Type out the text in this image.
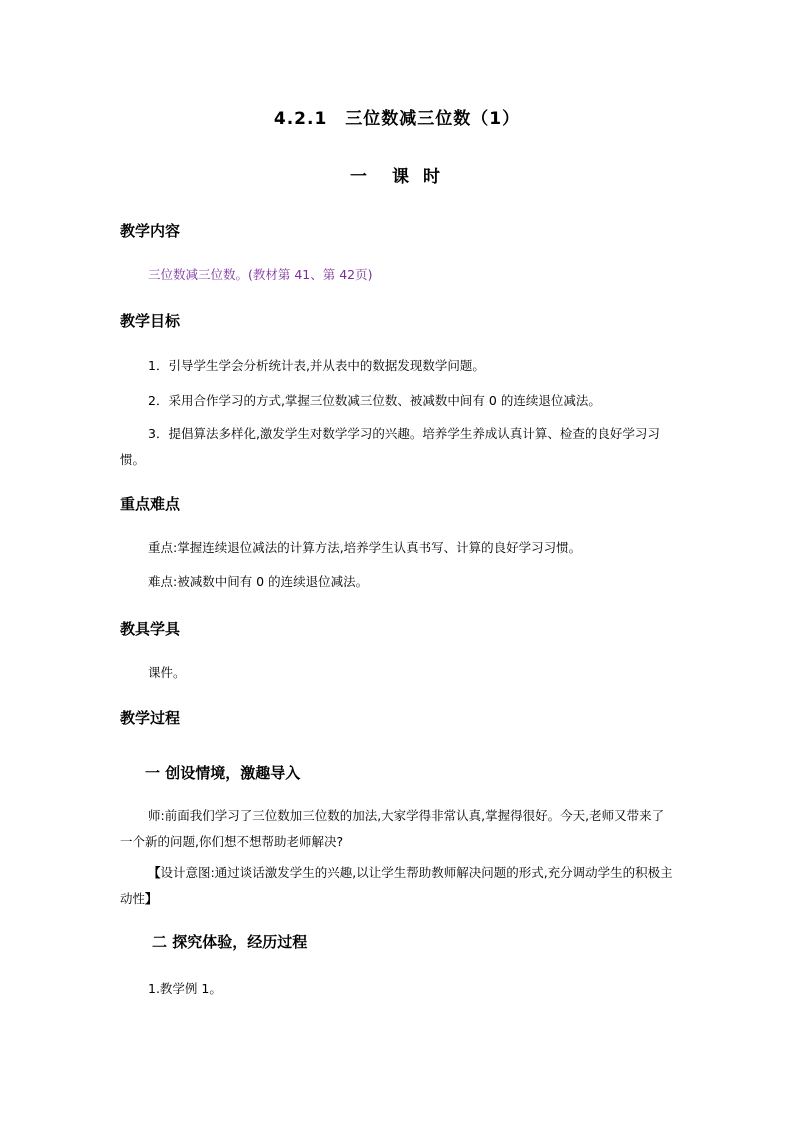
4.2.1　三位数减三位数（1）
一　课 时
教学内容
三位数减三位数。(教材第 41、第 42页)
教学目标
1．引导学生学会分析统计表,并从表中的数据发现数学问题。
2．采用合作学习的方式,掌握三位数减三位数、被减数中间有 0 的连续退位减法。
3．提倡算法多样化,激发学生对数学学习的兴趣。培养学生养成认真计算、检查的良好学习习惯。
重点难点
重点:掌握连续退位减法的计算方法,培养学生认真书写、计算的良好学习习惯。
难点:被减数中间有 0 的连续退位减法。
教具学具
课件。
教学过程
一 创设情境，激趣导入
师:前面我们学习了三位数加三位数的加法,大家学得非常认真,掌握得很好。今天,老师又带来了一个新的问题,你们想不想帮助老师解决?
【设计意图:通过谈话激发学生的兴趣,以让学生帮助教师解决问题的形式,充分调动学生的积极主动性】
二 探究体验，经历过程
1.教学例 1。
